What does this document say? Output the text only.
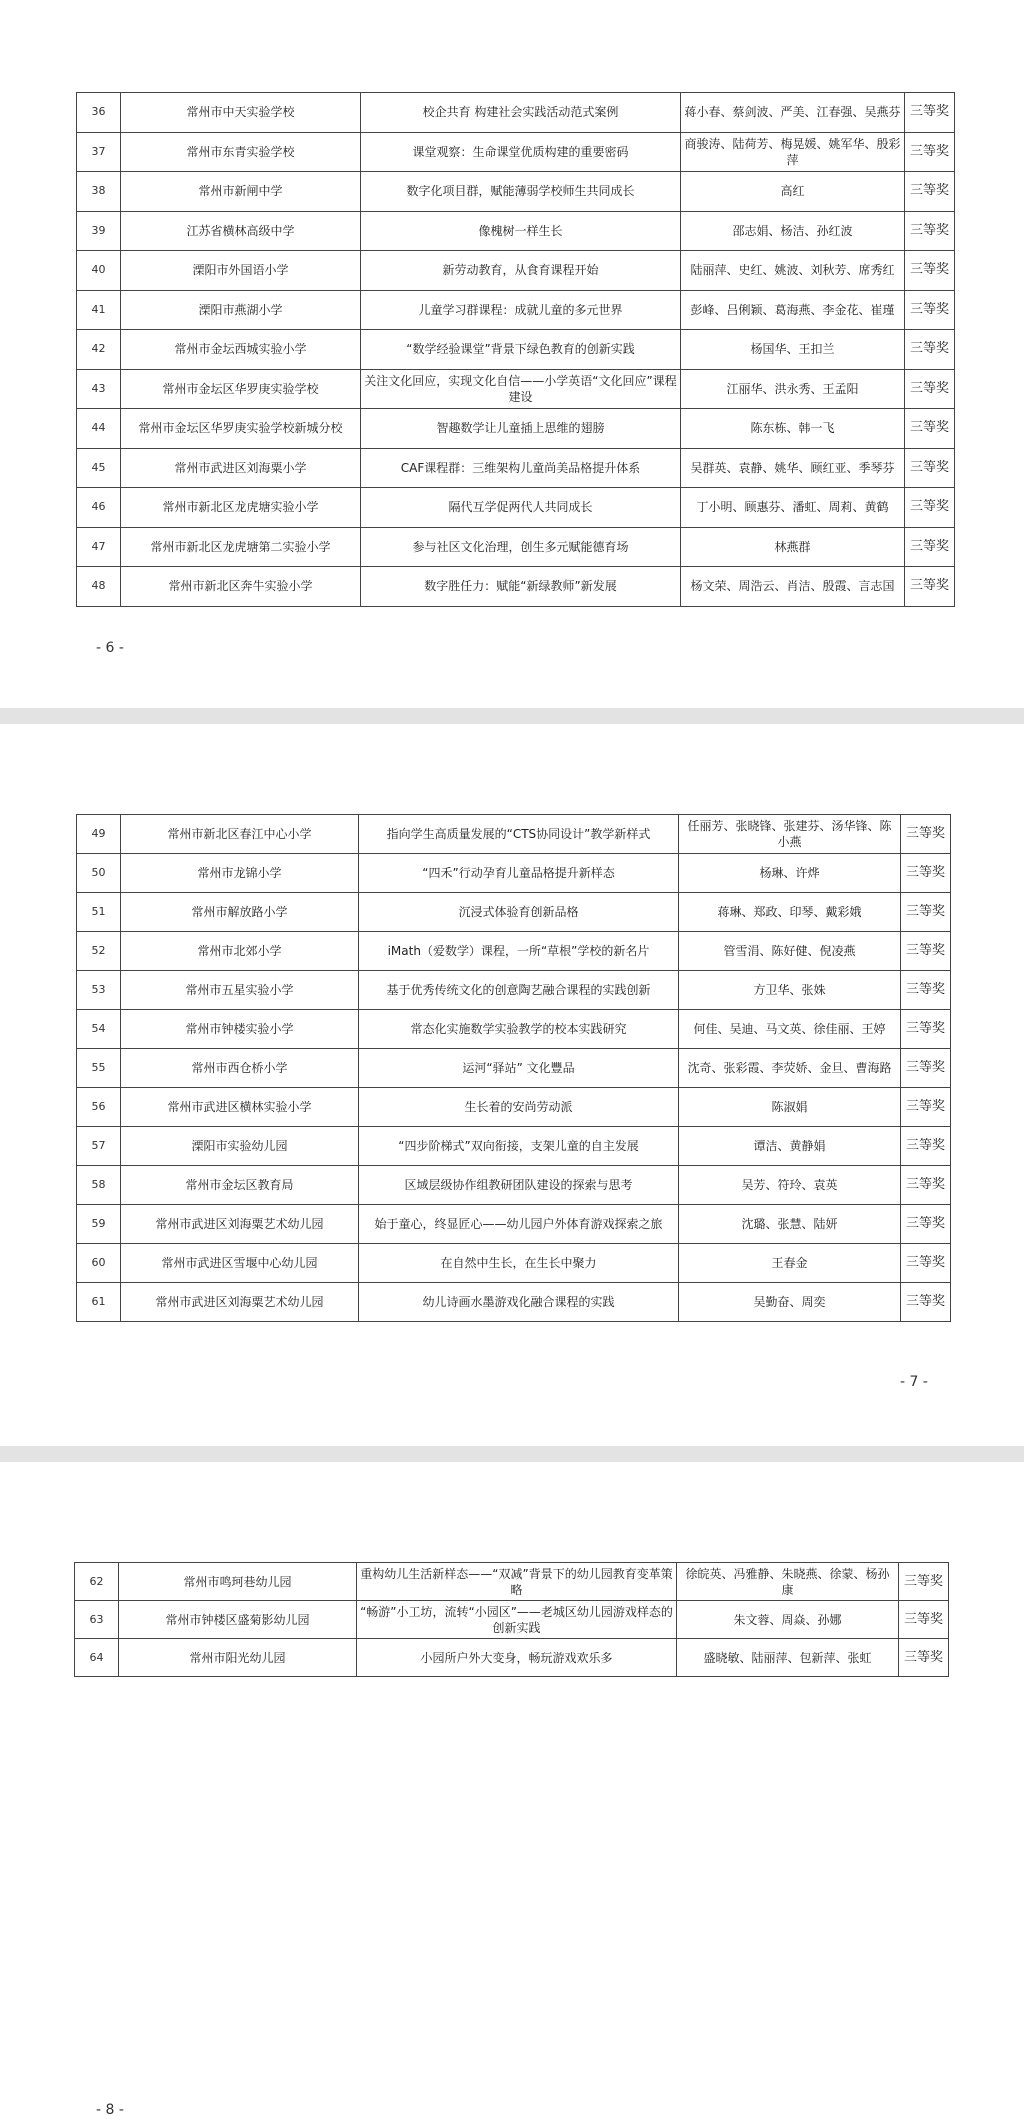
36	常州市中天实验学校	校企共育 构建社会实践活动范式案例	蒋小春、蔡剑波、严美、江春强、吴燕芬	三等奖
37	常州市东青实验学校	课堂观察：生命课堂优质构建的重要密码	商骏涛、陆荷芳、梅晃媛、姚军华、殷彩萍	三等奖
38	常州市新闸中学	数字化项目群，赋能薄弱学校师生共同成长	高红	三等奖
39	江苏省横林高级中学	像槐树一样生长	邵志娟、杨洁、孙红波	三等奖
40	溧阳市外国语小学	新劳动教育，从食育课程开始	陆丽萍、史红、姚波、刘秋芳、席秀红	三等奖
41	溧阳市燕湖小学	儿童学习群课程：成就儿童的多元世界	彭峰、吕俐颖、葛海燕、李金花、崔瑾	三等奖
42	常州市金坛西城实验小学	“数学经验课堂”背景下绿色教育的创新实践	杨国华、王扣兰	三等奖
43	常州市金坛区华罗庚实验学校	关注文化回应，实现文化自信——小学英语“文化回应”课程建设	江丽华、洪永秀、王孟阳	三等奖
44	常州市金坛区华罗庚实验学校新城分校	智趣数学让儿童插上思维的翅膀	陈东栋、韩一飞	三等奖
45	常州市武进区刘海粟小学	CAF课程群：三维架构儿童尚美品格提升体系	吴群英、袁静、姚华、顾红亚、季琴芬	三等奖
46	常州市新北区龙虎塘实验小学	隔代互学促两代人共同成长	丁小明、顾惠芬、潘虹、周莉、黄鹤	三等奖
47	常州市新北区龙虎塘第二实验小学	参与社区文化治理，创生多元赋能德育场	林燕群	三等奖
48	常州市新北区奔牛实验小学	数字胜任力：赋能“新绿教师”新发展	杨文荣、周浩云、肖洁、殷霞、言志国	三等奖
- 6 -
49	常州市新北区春江中心小学	指向学生高质量发展的“CTS协同设计”教学新样式	任丽芳、张晓锋、张建芬、汤华锋、陈小燕	三等奖
50	常州市龙锦小学	“四禾”行动孕育儿童品格提升新样态	杨琳、许烨	三等奖
51	常州市解放路小学	沉浸式体验育创新品格	蒋琳、郑政、印琴、戴彩娥	三等奖
52	常州市北郊小学	iMath（爱数学）课程，一所“草根”学校的新名片	管雪涓、陈好健、倪凌燕	三等奖
53	常州市五星实验小学	基于优秀传统文化的创意陶艺融合课程的实践创新	方卫华、张姝	三等奖
54	常州市钟楼实验小学	常态化实施数学实验教学的校本实践研究	何佳、吴迪、马文英、徐佳丽、王婷	三等奖
55	常州市西仓桥小学	运河“驿站” 文化豐品	沈奇、张彩霞、李荧娇、金旦、曹海路	三等奖
56	常州市武进区横林实验小学	生长着的安尚劳动派	陈淑娟	三等奖
57	溧阳市实验幼儿园	“四步阶梯式”双向衔接，支架儿童的自主发展	谭洁、黄静娟	三等奖
58	常州市金坛区教育局	区域层级协作组教研团队建设的探索与思考	吴芳、符玲、袁英	三等奖
59	常州市武进区刘海粟艺术幼儿园	始于童心，终显匠心——幼儿园户外体育游戏探索之旅	沈璐、张慧、陆妍	三等奖
60	常州市武进区雪堰中心幼儿园	在自然中生长，在生长中聚力	王春金	三等奖
61	常州市武进区刘海粟艺术幼儿园	幼儿诗画水墨游戏化融合课程的实践	吴勤奋、周奕	三等奖
- 7 -
62	常州市鸣珂巷幼儿园	重构幼儿生活新样态——“双减”背景下的幼儿园教育变革策略	徐皖英、冯雅静、朱晓燕、徐蒙、杨孙康	三等奖
63	常州市钟楼区盛菊影幼儿园	“畅游”小工坊，流转“小园区”——老城区幼儿园游戏样态的创新实践	朱文蓉、周焱、孙娜	三等奖
64	常州市阳光幼儿园	小园所户外大变身，畅玩游戏欢乐多	盛晓敏、陆丽萍、包新萍、张虹	三等奖
- 8 -
